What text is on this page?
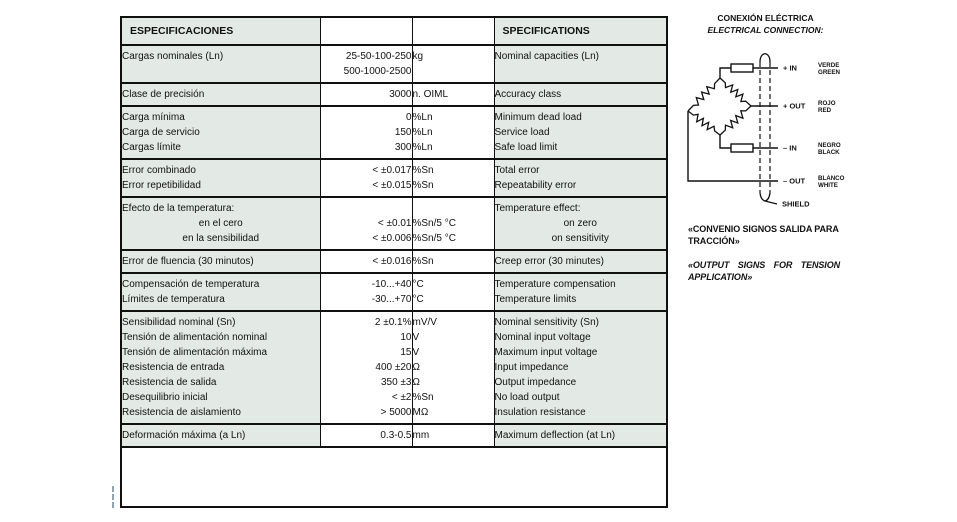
ESPECIFICACIONES			SPECIFICATIONS
Cargas nominales (Ln)	25-50-100-250	kg	Nominal capacities (Ln)
	500-1000-2500		
Clase de precisión	3000	n. OIML	Accuracy class
Carga mínima	0	%Ln	Minimum dead load
Carga de servicio	150	%Ln	Service load
Cargas límite	300	%Ln	Safe load limit
Error combinado	< ±0.017	%Sn	Total error
Error repetibilidad	< ±0.015	%Sn	Repeatability error
Efecto de la temperatura:			Temperature effect:
en el cero	< ±0.01	%Sn/5 °C	on zero
en la sensibilidad	< ±0.006	%Sn/5 °C	on sensitivity
Error de fluencia (30 minutos)	< ±0.016	%Sn	Creep error (30 minutes)
Compensación de temperatura	-10...+40	°C	Temperature compensation
Límites de temperatura	-30...+70	°C	Temperature limits
Sensibilidad nominal (Sn)	2 ±0.1%	mV/V	Nominal sensitivity (Sn)
Tensión de alimentación nominal	10	V	Nominal input voltage
Tensión de alimentación máxima	15	V	Maximum input voltage
Resistencia de entrada	400 ±20	Ω	Input impedance
Resistencia de salida	350 ±3	Ω	Output impedance
Desequilibrio inicial	< ±2	%Sn	No load output
Resistencia de aislamiento	> 5000	MΩ	Insulation resistance
Deformación máxima (a Ln)	0.3-0.5	mm	Maximum deflection (at Ln)
CONEXIÓN ELÉCTRICA
ELECTRICAL CONNECTION:
+ IN
+ OUT
– IN
– OUT
SHIELD
VERDE
GREEN
ROJO
RED
NEGRO
BLACK
BLANCO
WHITE
«CONVENIO SIGNOS SALIDA PARA TRACCIÓN»
«OUTPUT SIGNS FOR TENSION APPLICATION»
